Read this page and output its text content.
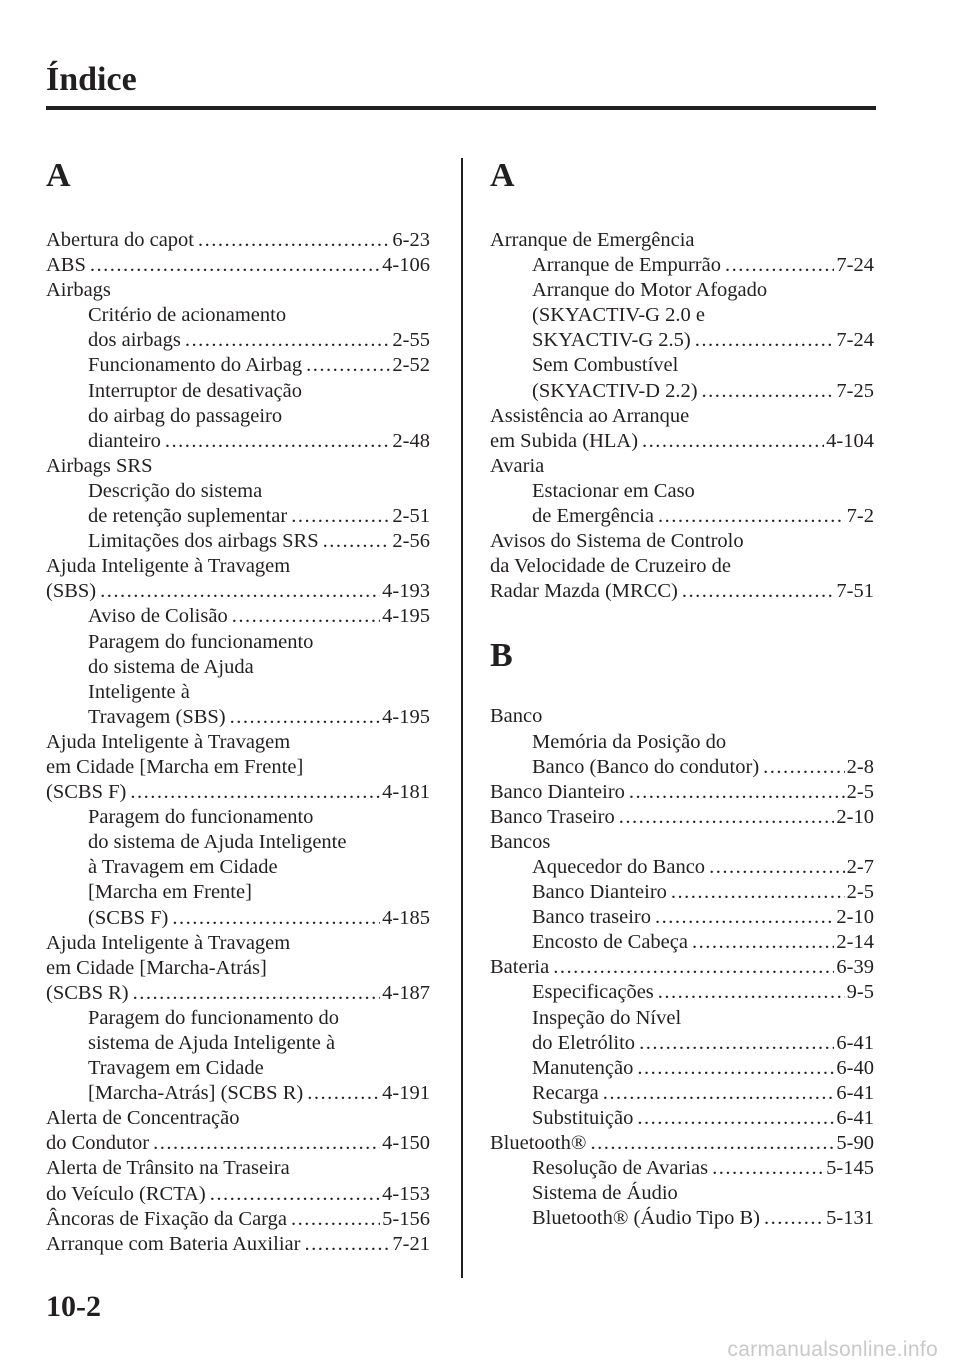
Índice
A
Abertura do capot .....	6-23
ABS .....	4-106
Airbags
Critério de acionamento
dos airbags .....	2-55
Funcionamento do Airbag .....	2-52
Interruptor de desativação
do airbag do passageiro
dianteiro .....	2-48
Airbags SRS
Descrição do sistema
de retenção suplementar .....	2-51
Limitações dos airbags SRS .....	2-56
Ajuda Inteligente à Travagem
(SBS) .....	4-193
Aviso de Colisão .....	4-195
Paragem do funcionamento
do sistema de Ajuda
Inteligente à
Travagem (SBS) .....	4-195
Ajuda Inteligente à Travagem
em Cidade [Marcha em Frente]
(SCBS F) .....	4-181
Paragem do funcionamento
do sistema de Ajuda Inteligente
à Travagem em Cidade
[Marcha em Frente]
(SCBS F) .....	4-185
Ajuda Inteligente à Travagem
em Cidade [Marcha-Atrás]
(SCBS R) .....	4-187
Paragem do funcionamento do
sistema de Ajuda Inteligente à
Travagem em Cidade
[Marcha-Atrás] (SCBS R) .....	4-191
Alerta de Concentração
do Condutor .....	4-150
Alerta de Trânsito na Traseira
do Veículo (RCTA) .....	4-153
Âncoras de Fixação da Carga .....	5-156
Arranque com Bateria Auxiliar .....	7-21
A
Arranque de Emergência
Arranque de Empurrão .....	7-24
Arranque do Motor Afogado
(SKYACTIV-G 2.0 e
SKYACTIV-G 2.5) .....	7-24
Sem Combustível
(SKYACTIV-D 2.2) .....	7-25
Assistência ao Arranque
em Subida (HLA) .....	4-104
Avaria
Estacionar em Caso
de Emergência .....	7-2
Avisos do Sistema de Controlo
da Velocidade de Cruzeiro de
Radar Mazda (MRCC) .....	7-51
B
Banco
Memória da Posição do
Banco (Banco do condutor) .....	2-8
Banco Dianteiro .....	2-5
Banco Traseiro .....	2-10
Bancos
Aquecedor do Banco .....	2-7
Banco Dianteiro .....	2-5
Banco traseiro .....	2-10
Encosto de Cabeça .....	2-14
Bateria .....	6-39
Especificações .....	9-5
Inspeção do Nível
do Eletrólito .....	6-41
Manutenção .....	6-40
Recarga .....	6-41
Substituição .....	6-41
Bluetooth® .....	5-90
Resolução de Avarias .....	5-145
Sistema de Áudio
Bluetooth® (Áudio Tipo B) .....	5-131
10-2
carmanualsonline.info
